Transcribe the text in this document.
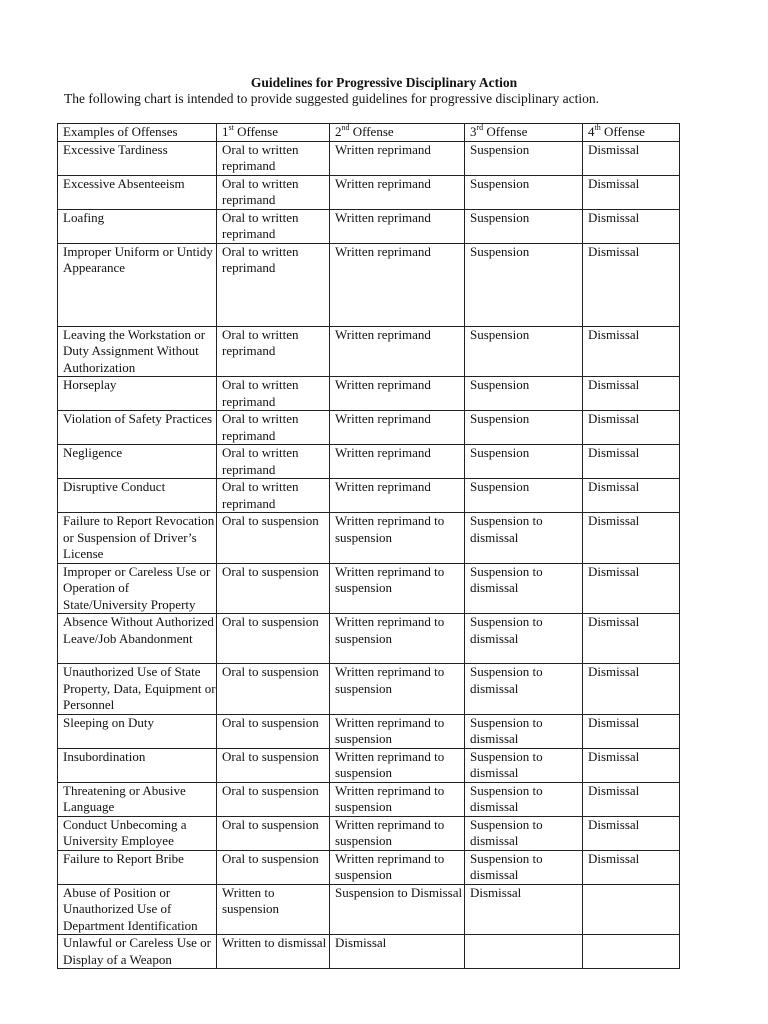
Guidelines for Progressive Disciplinary Action
The following chart is intended to provide suggested guidelines for progressive disciplinary action.
Examples of Offenses	1st Offense	2nd Offense	3rd Offense	4th Offense
Excessive Tardiness	Oral to written reprimand	Written reprimand	Suspension	Dismissal
Excessive Absenteeism	Oral to written reprimand	Written reprimand	Suspension	Dismissal
Loafing	Oral to written reprimand	Written reprimand	Suspension	Dismissal
Improper Uniform or Untidy Appearance	Oral to written reprimand	Written reprimand	Suspension	Dismissal
Leaving the Workstation or Duty Assignment Without Authorization	Oral to written reprimand	Written reprimand	Suspension	Dismissal
Horseplay	Oral to written reprimand	Written reprimand	Suspension	Dismissal
Violation of Safety Practices	Oral to written reprimand	Written reprimand	Suspension	Dismissal
Negligence	Oral to written reprimand	Written reprimand	Suspension	Dismissal
Disruptive Conduct	Oral to written reprimand	Written reprimand	Suspension	Dismissal
Failure to Report Revocation or Suspension of Driver’s License	Oral to suspension	Written reprimand to suspension	Suspension to dismissal	Dismissal
Improper or Careless Use or Operation of State/University Property	Oral to suspension	Written reprimand to suspension	Suspension to dismissal	Dismissal
Absence Without Authorized Leave/Job Abandonment	Oral to suspension	Written reprimand to suspension	Suspension to dismissal	Dismissal
Unauthorized Use of State Property, Data, Equipment or Personnel	Oral to suspension	Written reprimand to suspension	Suspension to dismissal	Dismissal
Sleeping on Duty	Oral to suspension	Written reprimand to suspension	Suspension to dismissal	Dismissal
Insubordination	Oral to suspension	Written reprimand to suspension	Suspension to dismissal	Dismissal
Threatening or Abusive Language	Oral to suspension	Written reprimand to suspension	Suspension to dismissal	Dismissal
Conduct Unbecoming a University Employee	Oral to suspension	Written reprimand to suspension	Suspension to dismissal	Dismissal
Failure to Report Bribe	Oral to suspension	Written reprimand to suspension	Suspension to dismissal	Dismissal
Abuse of Position or Unauthorized Use of Department Identification	Written to suspension	Suspension to Dismissal	Dismissal	
Unlawful or Careless Use or Display of a Weapon	Written to dismissal	Dismissal		
